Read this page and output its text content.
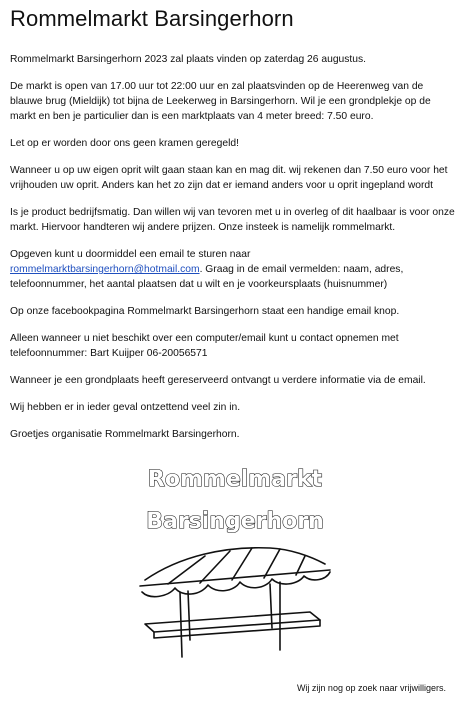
Rommelmarkt Barsingerhorn

Rommelmarkt Barsingerhorn 2023 zal plaats vinden op zaterdag 26 augustus.

De markt is open van 17.00 uur tot 22:00 uur en zal plaatsvinden op de Heerenweg van de blauwe brug (Mieldijk) tot bijna de Leekerweg in Barsingerhorn. Wil je een grondplekje op de markt en ben je particulier dan is een marktplaats van 4 meter breed: 7.50 euro.

Let op er worden door ons geen kramen geregeld!

Wanneer u op uw eigen oprit wilt gaan staan kan en mag dit. wij rekenen dan 7.50 euro voor het vrijhouden uw oprit. Anders kan het zo zijn dat er iemand anders voor u oprit ingepland wordt

Is je product bedrijfsmatig. Dan willen wij van tevoren met u in overleg of dit haalbaar is voor onze markt. Hiervoor handteren wij andere prijzen. Onze insteek is namelijk rommelmarkt.

Opgeven kunt u doormiddel een email te sturen naar
rommelmarktbarsingerhorn@hotmail.com. Graag in de email vermelden: naam, adres, telefoonnummer, het aantal plaatsen dat u wilt en je voorkeursplaats (huisnummer)

Op onze facebookpagina Rommelmarkt Barsingerhorn staat een handige email knop.

Alleen wanneer u niet beschikt over een computer/email kunt u contact opnemen met telefoonnummer: Bart Kuijper 06-20056571

Wanneer je een grondplaats heeft gereserveerd ontvangt u verdere informatie via de email.

Wij hebben er in ieder geval ontzettend veel zin in.

Groetjes organisatie Rommelmarkt Barsingerhorn.

Rommelmarkt
Barsingerhorn
Wij zijn nog op zoek naar vrijwilligers.
